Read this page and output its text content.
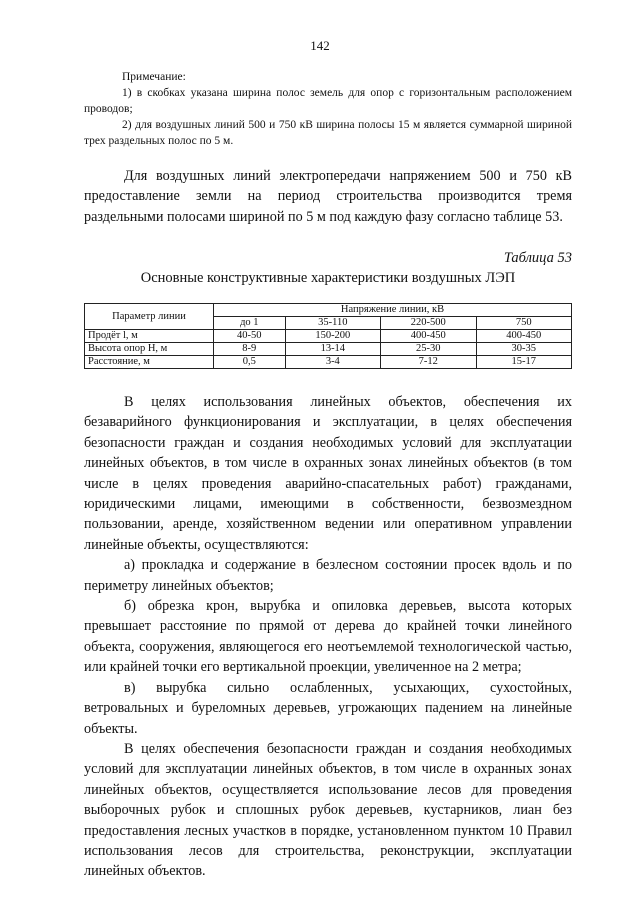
142

Примечание:

1) в скобках указана ширина полос земель для опор с горизонтальным расположением проводов;

2) для воздушных линий 500 и 750 кВ ширина полосы 15 м является суммарной шириной трех раздельных полос по 5 м.

Для воздушных линий электропередачи напряжением 500 и 750 кВ предоставление земли на период строительства производится тремя раздельными полосами шириной по 5 м под каждую фазу согласно таблице 53.

Таблица 53
Основные конструктивные характеристики воздушных ЛЭП
Параметр линии	Напряжение линии, кВ			
	до 1	35-110	220-500	750
Продёт l, м	40-50	150-200	400-450	400-450
Высота опор Н, м	8-9	13-14	25-30	30-35
Расстояние, м	0,5	3-4	7-12	15-17

В целях использования линейных объектов, обеспечения их безаварийного функционирования и эксплуатации, в целях обеспечения безопасности граждан и создания необходимых условий для эксплуатации линейных объектов, в том числе в охранных зонах линейных объектов (в том числе в целях проведения аварийно-спасательных работ) гражданами, юридическими лицами, имеющими в собственности, безвозмездном пользовании, аренде, хозяйственном ведении или оперативном управлении линейные объекты, осуществляются:

а) прокладка и содержание в безлесном состоянии просек вдоль и по периметру линейных объектов;

б) обрезка крон, вырубка и опиловка деревьев, высота которых превышает расстояние по прямой от дерева до крайней точки линейного объекта, сооружения, являющегося его неотъемлемой технологической частью, или крайней точки его вертикальной проекции, увеличенное на 2 метра;

в) вырубка сильно ослабленных, усыхающих, сухостойных, ветровальных и буреломных деревьев, угрожающих падением на линейные объекты.

В целях обеспечения безопасности граждан и создания необходимых условий для эксплуатации линейных объектов, в том числе в охранных зонах линейных объектов, осуществляется использование лесов для проведения выборочных рубок и сплошных рубок деревьев, кустарников, лиан без предоставления лесных участков в порядке, установленном пунктом 10 Правил использования лесов для строительства, реконструкции, эксплуатации линейных объектов.
